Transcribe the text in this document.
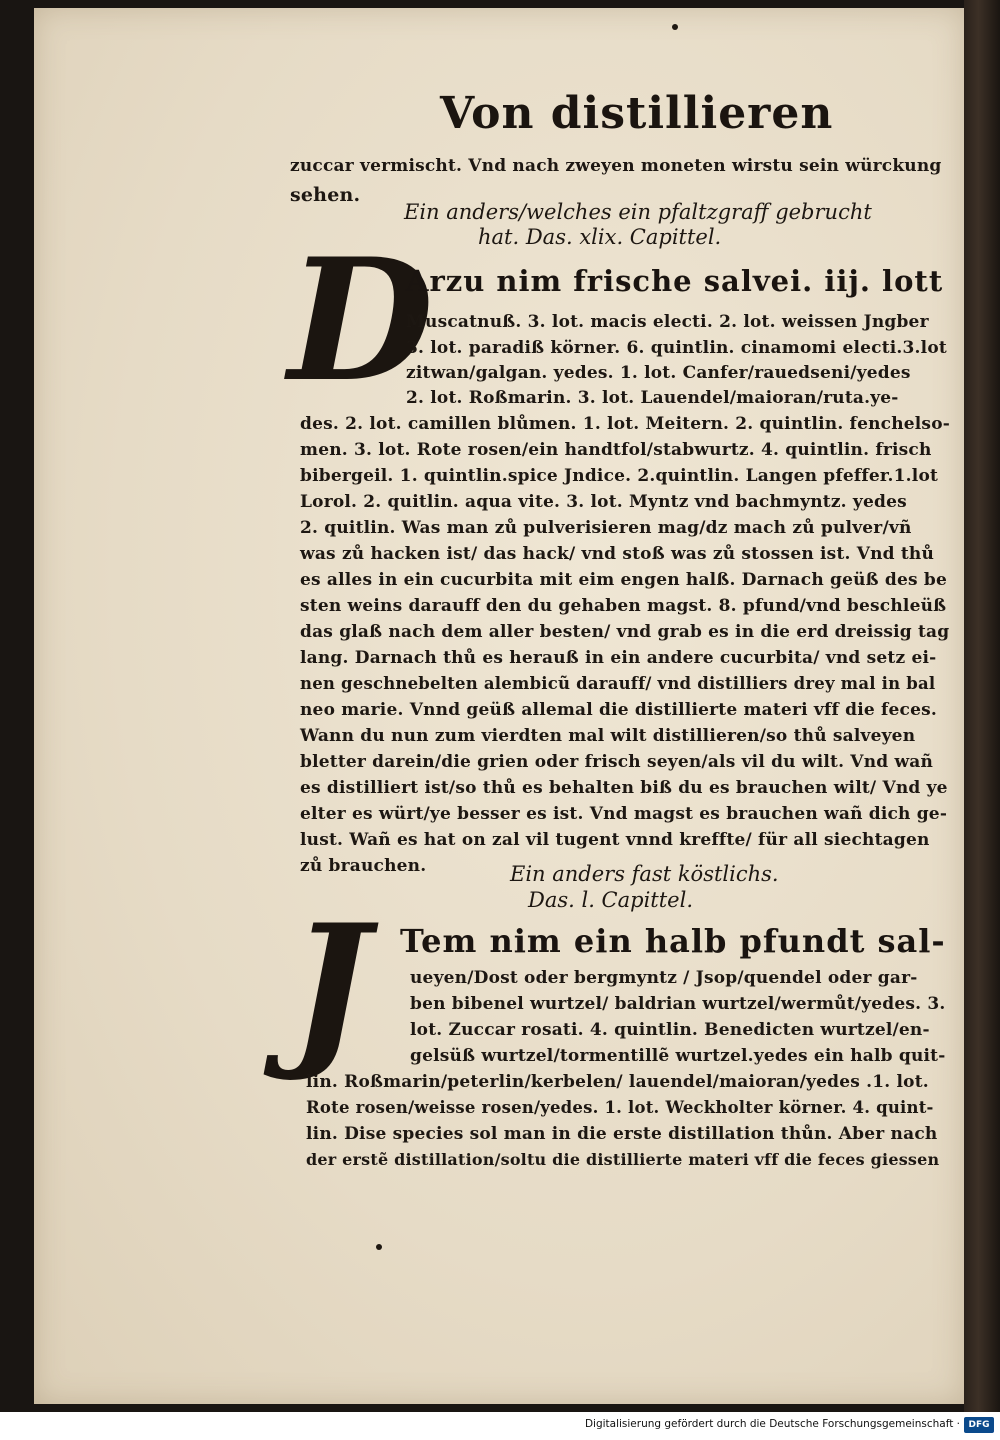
Von distillieren
zuccar vermischt. Vnd nach zweyen moneten wirstu sein würckung
sehen.
Ein anders/welches ein pfaltzgraff gebrucht
hat. Das. xlix. Capittel.
D
Arzu nim frische salvei. iij. lott
Muscatnuß. 3. lot. macis electi. 2. lot. weissen Jngber
3. lot. paradiß körner. 6. quintlin. cinamomi electi.3.lot
zitwan/galgan. yedes. 1. lot. Canfer/rauedseni/yedes
2. lot. Roßmarin. 3. lot. Lauendel/maioran/ruta.ye-
des. 2. lot. camillen blůmen. 1. lot. Meitern. 2. quintlin. fenchelso-
men. 3. lot. Rote rosen/ein handtfol/stabwurtz. 4. quintlin. frisch
bibergeil. 1. quintlin.spice Jndice. 2.quintlin. Langen pfeffer.1.lot
Lorol. 2. quitlin. aqua vite. 3. lot. Myntz vnd bachmyntz. yedes
2. quitlin. Was man zů pulverisieren mag/dz mach zů pulver/vñ
was zů hacken ist/ das hack/ vnd stoß was zů stossen ist. Vnd thů
es alles in ein cucurbita mit eim engen halß. Darnach geüß des be
sten weins darauff den du gehaben magst. 8. pfund/vnd beschleüß
das glaß nach dem aller besten/ vnd grab es in die erd dreissig tag
lang. Darnach thů es herauß in ein andere cucurbita/ vnd setz ei-
nen geschnebelten alembicũ darauff/ vnd distilliers drey mal in bal
neo marie. Vnnd geüß allemal die distillierte materi vff die feces.
Wann du nun zum vierdten mal wilt distillieren/so thů salveyen
bletter darein/die grien oder frisch seyen/als vil du wilt. Vnd wañ
es distilliert ist/so thů es behalten biß du es brauchen wilt/ Vnd ye
elter es würt/ye besser es ist. Vnd magst es brauchen wañ dich ge-
lust. Wañ es hat on zal vil tugent vnnd kreffte/ für all siechtagen
zů brauchen.	Ein anders fast köstlichs.
Das. l. Capittel.
J Tem nim ein halb pfundt sal-
ueyen/Dost oder bergmyntz / Jsop/quendel oder gar-
ben bibenel wurtzel/ baldrian wurtzel/wermůt/yedes. 3.
lot. Zuccar rosati. 4. quintlin. Benedicten wurtzel/en-
gelsüß wurtzel/tormentillẽ wurtzel.yedes ein halb quit-
lin. Roßmarin/peterlin/kerbelen/ lauendel/maioran/yedes .1. lot.
Rote rosen/weisse rosen/yedes. 1. lot. Weckholter körner. 4. quint-
lin. Dise species sol man in die erste distillation thůn. Aber nach
der erstẽ distillation/soltu die distillierte materi vff die feces giessen
Digitalisierung gefördert durch die Deutsche Forschungsgemeinschaft · DFG
